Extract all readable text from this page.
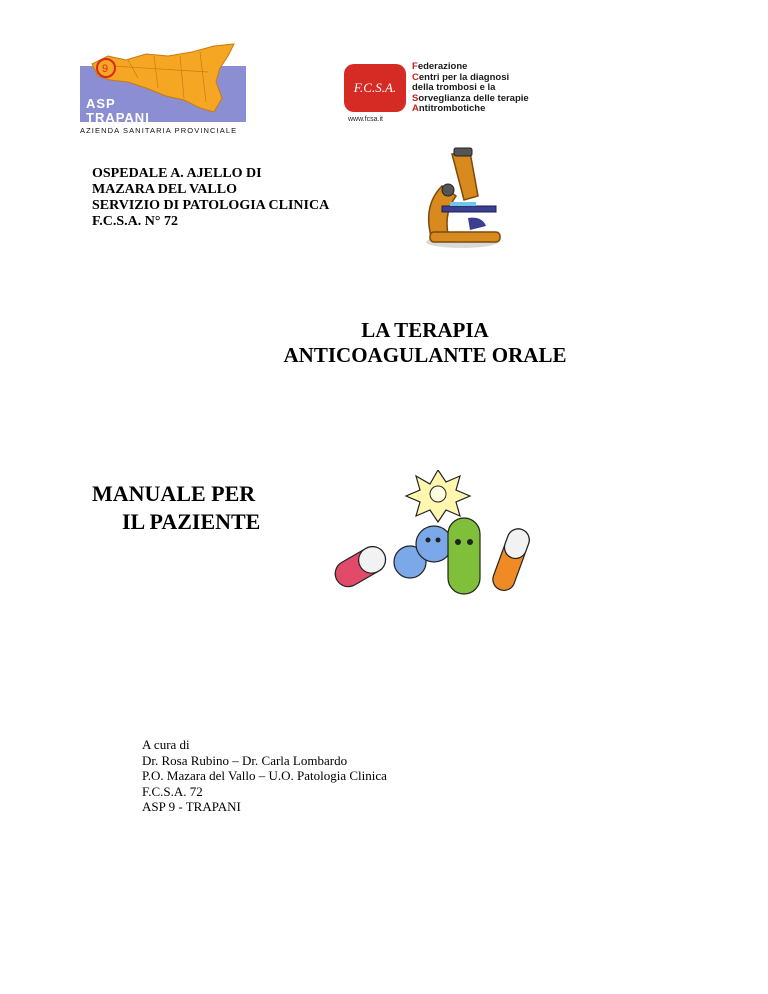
9
ASP
TRAPANI
AZIENDA SANITARIA PROVINCIALE
F.C.S.A.
www.fcsa.it
Federazione
Centri per la diagnosi
della trombosi e la
Sorveglianza delle terapie
Antitrombotiche
OSPEDALE A. AJELLO DI
MAZARA DEL VALLO
SERVIZIO DI PATOLOGIA CLINICA
F.C.S.A. N° 72
LA TERAPIA
ANTICOAGULANTE ORALE
MANUALE PER
IL PAZIENTE
A cura di
Dr. Rosa Rubino – Dr. Carla Lombardo
P.O. Mazara del Vallo – U.O. Patologia Clinica
F.C.S.A. 72
ASP 9 - TRAPANI
